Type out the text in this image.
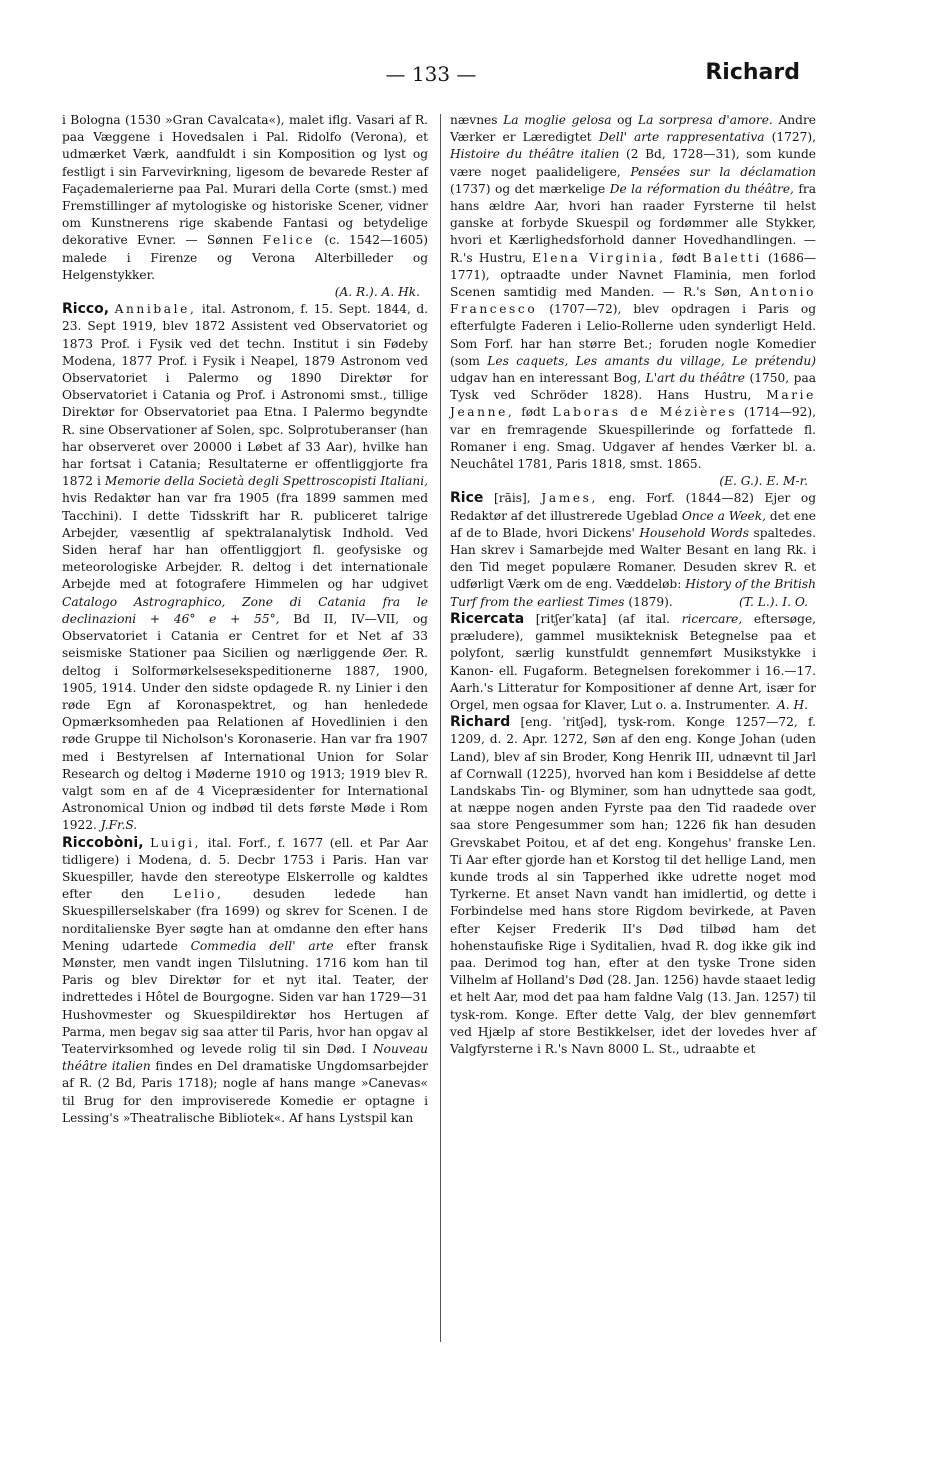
— 133 —	Richard

i Bologna (1530 »Gran Cavalcata«), malet iflg. Vasari af R. paa Væggene i Hovedsalen i Pal. Ridolfo (Verona), et udmærket Værk, aandfuldt i sin Komposition og lyst og festligt i sin Farvevirkning, ligesom de bevarede Rester af Façademalerierne paa Pal. Murari della Corte (smst.) med Fremstillinger af mytologiske og historiske Scener, vidner om Kunstnerens rige skabende Fantasi og betydelige dekorative Evner. — Sønnen Felice (c. 1542—1605) malede i Firenze og Verona Alterbilleder og Helgenstykker.
(A. R.). A. Hk.

Ricco, Annibale, ital. Astronom, f. 15. Sept. 1844, d. 23. Sept 1919, blev 1872 Assistent ved Observatoriet og 1873 Prof. i Fysik ved det techn. Institut i sin Fødeby Modena, 1877 Prof. i Fysik i Neapel, 1879 Astronom ved Observatoriet i Palermo og 1890 Direktør for Observatoriet i Catania og Prof. i Astronomi smst., tillige Direktør for Observatoriet paa Etna. I Palermo begyndte R. sine Observationer af Solen, spc. Solprotuberanser (han har observeret over 20000 i Løbet af 33 Aar), hvilke han har fortsat i Catania; Resultaterne er offentliggjorte fra 1872 i Memorie della Società degli Spettroscopisti Italiani, hvis Redaktør han var fra 1905 (fra 1899 sammen med Tacchini). I dette Tidsskrift har R. publiceret talrige Arbejder, væsentlig af spektralanalytisk Indhold. Ved Siden heraf har han offentliggjort fl. geofysiske og meteorologiske Arbejder. R. deltog i det internationale Arbejde med at fotografere Himmelen og har udgivet Catalogo Astrographico, Zone di Catania fra le declinazioni + 46° e + 55°, Bd II, IV—VII, og Observatoriet i Catania er Centret for et Net af 33 seismiske Stationer paa Sicilien og nærliggende Øer. R. deltog i Solformørkelsesekspeditionerne 1887, 1900, 1905, 1914. Under den sidste opdagede R. ny Linier i den røde Egn af Koronaspektret, og han henledede Opmærksomheden paa Relationen af Hovedlinien i den røde Gruppe til Nicholson's Koronaserie. Han var fra 1907 med i Bestyrelsen af International Union for Solar Research og deltog i Møderne 1910 og 1913; 1919 blev R. valgt som en af de 4 Vicepræsidenter for International Astronomical Union og indbød til dets første Møde i Rom 1922. J.Fr.S.

Riccobòni, Luigi, ital. Forf., f. 1677 (ell. et Par Aar tidligere) i Modena, d. 5. Decbr 1753 i Paris. Han var Skuespiller, havde den stereotype Elskerrolle og kaldtes efter den Lelio, desuden ledede han Skuespillerselskaber (fra 1699) og skrev for Scenen. I de norditalienske Byer søgte han at omdanne den efter hans Mening udartede Commedia dell' arte efter fransk Mønster, men vandt ingen Tilslutning. 1716 kom han til Paris og blev Direktør for et nyt ital. Teater, der indrettedes i Hôtel de Bourgogne. Siden var han 1729—31 Hushovmester og Skuespildirektør hos Hertugen af Parma, men begav sig saa atter til Paris, hvor han opgav al Teatervirksomhed og levede rolig til sin Død. I Nouveau théâtre italien findes en Del dramatiske Ungdomsarbejder af R. (2 Bd, Paris 1718); nogle af hans mange »Canevas« til Brug for den improviserede Komedie er optagne i Lessing's »Theatralische Bibliotek«. Af hans Lystspil kan

nævnes La moglie gelosa og La sorpresa d'amore. Andre Værker er Læredigtet Dell' arte rappresentativa (1727), Histoire du théâtre italien (2 Bd, 1728—31), som kunde være noget paalideligere, Pensées sur la déclamation (1737) og det mærkelige De la réformation du théâtre, fra hans ældre Aar, hvori han raader Fyrsterne til helst ganske at forbyde Skuespil og fordømmer alle Stykker, hvori et Kærlighedsforhold danner Hovedhandlingen. — R.'s Hustru, Elena Virginia, født Baletti (1686—1771), optraadte under Navnet Flaminia, men forlod Scenen samtidig med Manden. — R.'s Søn, Antonio Francesco (1707—72), blev opdragen i Paris og efterfulgte Faderen i Lelio-Rollerne uden synderligt Held. Som Forf. har han større Bet.; foruden nogle Komedier (som Les caquets, Les amants du village, Le prétendu) udgav han en interessant Bog, L'art du théâtre (1750, paa Tysk ved Schröder 1828). Hans Hustru, Marie Jeanne, født Laboras de Mézières (1714—92), var en fremragende Skuespillerinde og forfattede fl. Romaner i eng. Smag. Udgaver af hendes Værker bl. a. Neuchâtel 1781, Paris 1818, smst. 1865.
(E. G.). E. M-r.

Rice [rāis], James, eng. Forf. (1844—82) Ejer og Redaktør af det illustrerede Ugeblad Once a Week, det ene af de to Blade, hvori Dickens' Household Words spaltedes. Han skrev i Samarbejde med Walter Besant en lang Rk. i den Tid meget populære Romaner. Desuden skrev R. et udførligt Værk om de eng. Væddeløb: History of the British Turf from the earliest Times (1879).	(T. L.). I. O.

Ricercata [ritʃerˈkata] (af ital. ricercare, eftersøge, præludere), gammel musikteknisk Betegnelse paa et polyfont, særlig kunstfuldt gennemført Musikstykke i Kanon- ell. Fugaform. Betegnelsen forekommer i 16.—17. Aarh.'s Litteratur for Kompositioner af denne Art, især for Orgel, men ogsaa for Klaver, Lut o. a. Instrumenter. A. H.

Richard [eng. ˈritʃəd], tysk-rom. Konge 1257—72, f. 1209, d. 2. Apr. 1272, Søn af den eng. Konge Johan (uden Land), blev af sin Broder, Kong Henrik III, udnævnt til Jarl af Cornwall (1225), hvorved han kom i Besiddelse af dette Landskabs Tin- og Blyminer, som han udnyttede saa godt, at næppe nogen anden Fyrste paa den Tid raadede over saa store Pengesummer som han; 1226 fik han desuden Grevskabet Poitou, et af det eng. Kongehus' franske Len. Ti Aar efter gjorde han et Korstog til det hellige Land, men kunde trods al sin Tapperhed ikke udrette noget mod Tyrkerne. Et anset Navn vandt han imidlertid, og dette i Forbindelse med hans store Rigdom bevirkede, at Paven efter Kejser Frederik II's Død tilbød ham det hohenstaufiske Rige i Syditalien, hvad R. dog ikke gik ind paa. Derimod tog han, efter at den tyske Trone siden Vilhelm af Holland's Død (28. Jan. 1256) havde staaet ledig et helt Aar, mod det paa ham faldne Valg (13. Jan. 1257) til tysk-rom. Konge. Efter dette Valg, der blev gennemført ved Hjælp af store Bestikkelser, idet der lovedes hver af Valgfyrsterne i R.'s Navn 8000 L. St., udraabte et
